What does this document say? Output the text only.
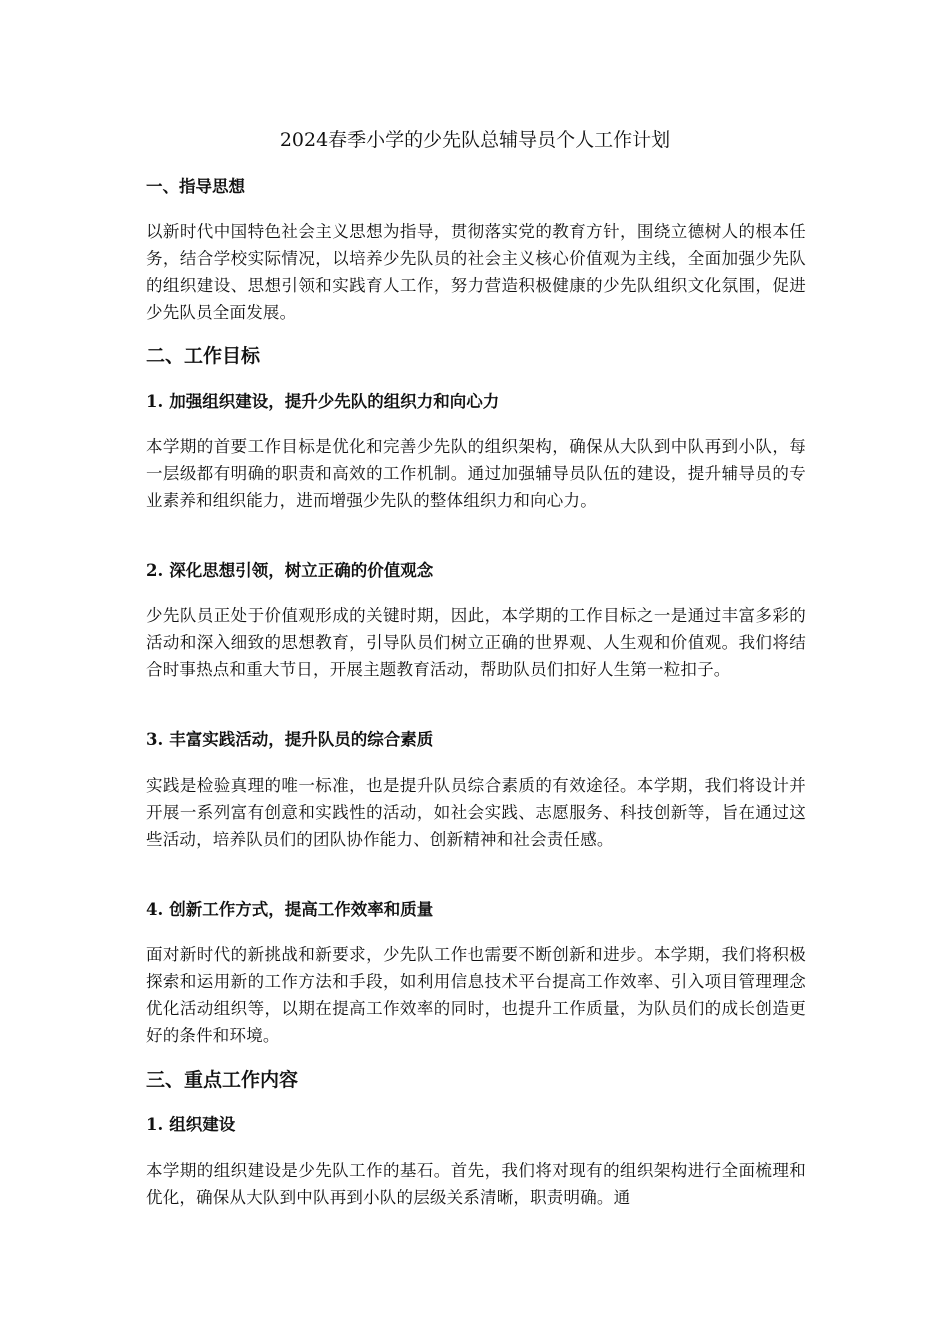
2024春季小学的少先队总辅导员个人工作计划
一、指导思想

以新时代中国特色社会主义思想为指导，贯彻落实党的教育方针，围绕立德树人的根本任务，结合学校实际情况，以培养少先队员的社会主义核心价值观为主线，全面加强少先队的组织建设、思想引领和实践育人工作，努力营造积极健康的少先队组织文化氛围，促进少先队员全面发展。

二、工作目标
1. 加强组织建设，提升少先队的组织力和向心力

本学期的首要工作目标是优化和完善少先队的组织架构，确保从大队到中队再到小队，每一层级都有明确的职责和高效的工作机制。通过加强辅导员队伍的建设，提升辅导员的专业素养和组织能力，进而增强少先队的整体组织力和向心力。

2. 深化思想引领，树立正确的价值观念

少先队员正处于价值观形成的关键时期，因此，本学期的工作目标之一是通过丰富多彩的活动和深入细致的思想教育，引导队员们树立正确的世界观、人生观和价值观。我们将结合时事热点和重大节日，开展主题教育活动，帮助队员们扣好人生第一粒扣子。

3. 丰富实践活动，提升队员的综合素质

实践是检验真理的唯一标准，也是提升队员综合素质的有效途径。本学期，我们将设计并开展一系列富有创意和实践性的活动，如社会实践、志愿服务、科技创新等，旨在通过这些活动，培养队员们的团队协作能力、创新精神和社会责任感。

4. 创新工作方式，提高工作效率和质量

面对新时代的新挑战和新要求，少先队工作也需要不断创新和进步。本学期，我们将积极探索和运用新的工作方法和手段，如利用信息技术平台提高工作效率、引入项目管理理念优化活动组织等，以期在提高工作效率的同时，也提升工作质量，为队员们的成长创造更好的条件和环境。

三、重点工作内容
1. 组织建设

本学期的组织建设是少先队工作的基石。首先，我们将对现有的组织架构进行全面梳理和优化，确保从大队到中队再到小队的层级关系清晰，职责明确。通
